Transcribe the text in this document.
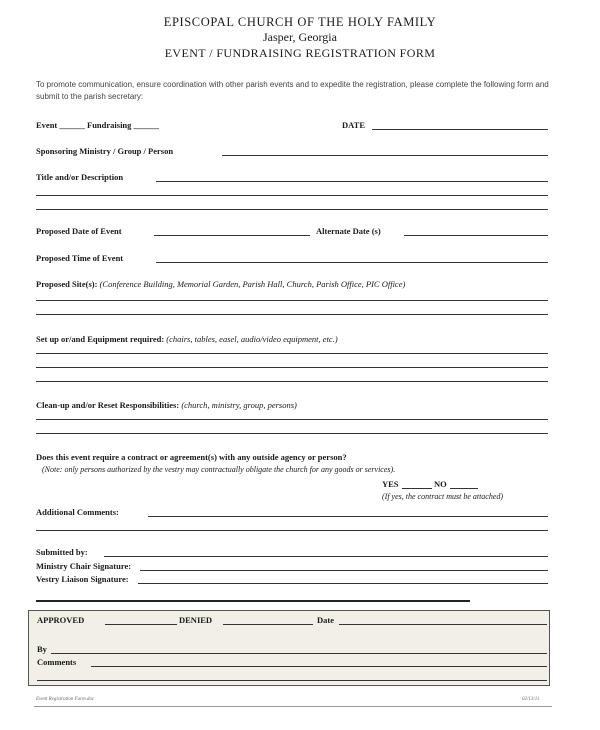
EPISCOPAL CHURCH OF THE HOLY FAMILY
Jasper, Georgia
EVENT / FUNDRAISING REGISTRATION FORM
To promote communication, ensure coordination with other parish events and to expedite the registration, please complete the following form and submit to the parish secretary:
Event ______ Fundraising ______	DATE
Sponsoring Ministry / Group / Person
Title and/or Description
Proposed Date of Event	Alternate Date (s)
Proposed Time of Event
Proposed Site(s): (Conference Building, Memorial Garden, Parish Hall, Church, Parish Office, PIC Office)
Set up or/and Equipment required: (chairs, tables, easel, audio/video equipment, etc.)
Clean-up and/or Reset Responsibilities: (church, ministry, group, persons)
Does this event require a contract or agreement(s) with any outside agency or person?
(Note: only persons authorized by the vestry may contractually obligate the church for any goods or services).
YES	NO
(If yes, the contract must be attached)
Additional Comments:
Submitted by:
Ministry Chair Signature:
Vestry Liaison Signature:
APPROVED	DENIED	Date
By
Comments
Event Registration Form.doc	02/13/11
